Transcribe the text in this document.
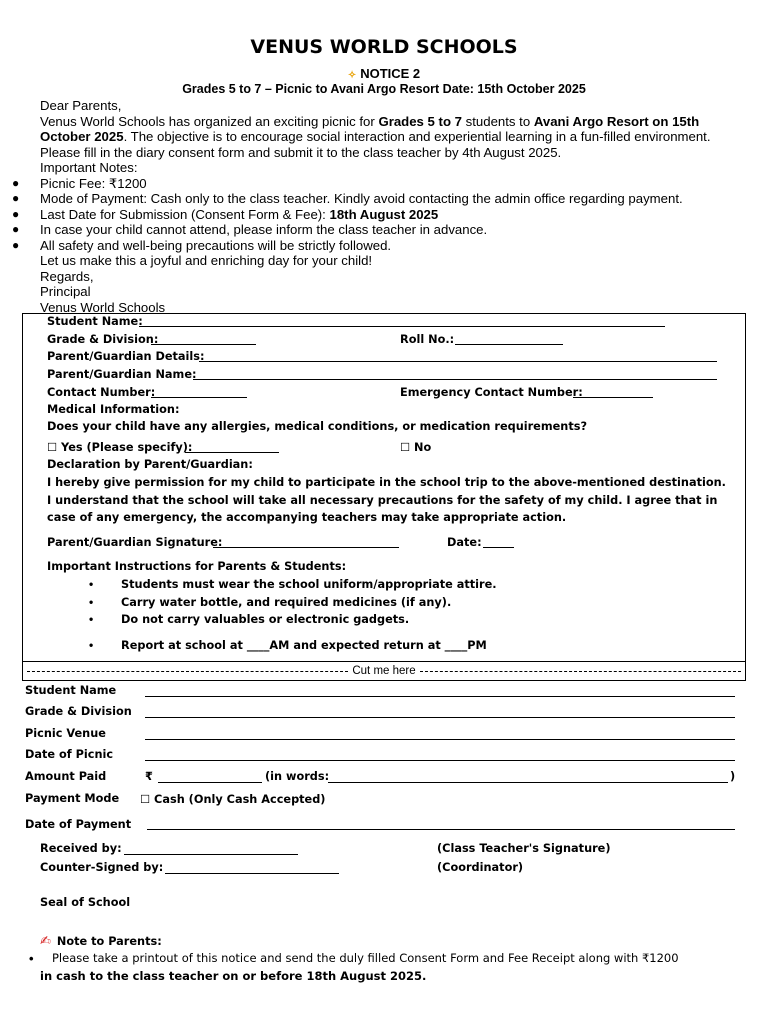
VENUS WORLD SCHOOLS
✧ NOTICE 2
Grades 5 to 7 – Picnic to Avani Argo Resort Date: 15th October 2025

Dear Parents,

Venus World Schools has organized an exciting picnic for Grades 5 to 7 students to Avani Argo Resort on 15th October 2025. The objective is to encourage social interaction and experiential learning in a fun-filled environment. Please fill in the diary consent form and submit it to the class teacher by 4th August 2025.

Important Notes:

● Picnic Fee: ₹1200
● Mode of Payment: Cash only to the class teacher. Kindly avoid contacting the admin office regarding payment.
● Last Date for Submission (Consent Form & Fee): 18th August 2025
● In case your child cannot attend, please inform the class teacher in advance.
● All safety and well-being precautions will be strictly followed.

Let us make this a joyful and enriching day for your child!

Regards,

Principal

Venus World Schools

Student Name:
Grade & Division:	Roll No.:
Parent/Guardian Details:
Parent/Guardian Name:
Contact Number:	Emergency Contact Number:
Medical Information:
Does your child have any allergies, medical conditions, or medication requirements?
☐ Yes (Please specify):	☐ No
Declaration by Parent/Guardian:
I hereby give permission for my child to participate in the school trip to the above-mentioned destination. I understand that the school will take all necessary precautions for the safety of my child. I agree that in case of any emergency, the accompanying teachers may take appropriate action.
Parent/Guardian Signature:	Date:
Important Instructions for Parents & Students:
• Students must wear the school uniform/appropriate attire.
• Carry water bottle, and required medicines (if any).
• Do not carry valuables or electronic gadgets.
• Report at school at ____AM and expected return at ____PM
Cut me here
Student Name
Grade & Division
Picnic Venue
Date of Picnic
Amount Paid	₹	(in words:	)
Payment Mode ☐ Cash (Only Cash Accepted)
Date of Payment
Received by:	(Class Teacher's Signature)
Counter-Signed by:	(Coordinator)
Seal of School
✍ Note to Parents:
• Please take a printout of this notice and send the duly filled Consent Form and Fee Receipt along with ₹1200
in cash to the class teacher on or before 18th August 2025.
